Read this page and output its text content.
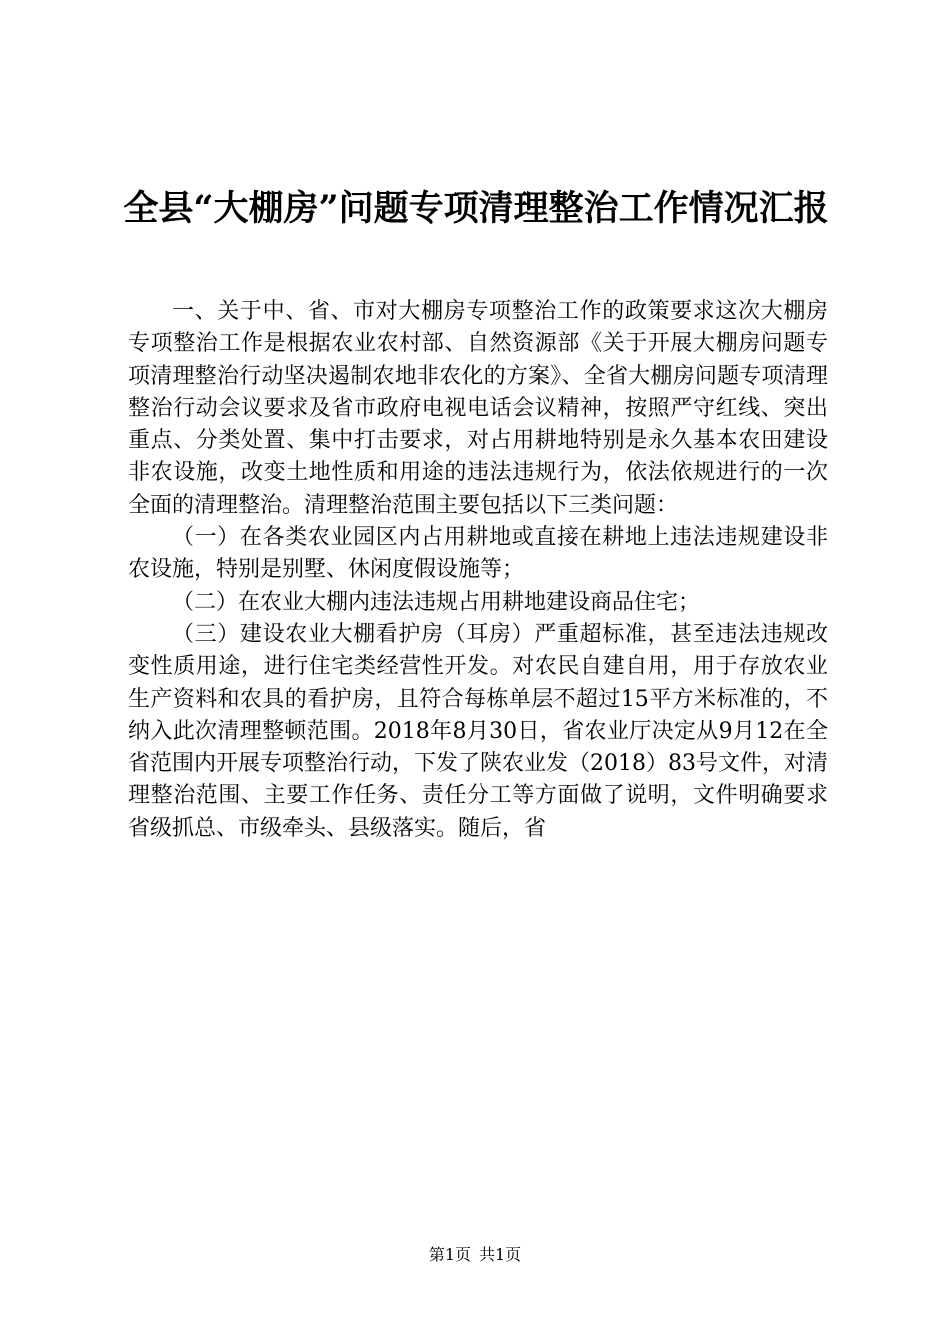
全县“大棚房”问题专项清理整治工作情况汇报

一、关于中、省、市对大棚房专项整治工作的政策要求这次大棚房专项整治工作是根据农业农村部、自然资源部《关于开展大棚房问题专项清理整治行动坚决遏制农地非农化的方案》、全省大棚房问题专项清理整治行动会议要求及省市政府电视电话会议精神，按照严守红线、突出重点、分类处置、集中打击要求，对占用耕地特别是永久基本农田建设非农设施，改变土地性质和用途的违法违规行为，依法依规进行的一次全面的清理整治。清理整治范围主要包括以下三类问题：

（一）在各类农业园区内占用耕地或直接在耕地上违法违规建设非农设施，特别是别墅、休闲度假设施等；

（二）在农业大棚内违法违规占用耕地建设商品住宅；

（三）建设农业大棚看护房（耳房）严重超标准，甚至违法违规改变性质用途，进行住宅类经营性开发。对农民自建自用，用于存放农业生产资料和农具的看护房，且符合每栋单层不超过15平方米标准的，不纳入此次清理整顿范围。2018年8月30日，省农业厅决定从9月12在全省范围内开展专项整治行动，下发了陕农业发（2018）83号文件，对清理整治范围、主要工作任务、责任分工等方面做了说明，文件明确要求省级抓总、市级牵头、县级落实。随后，省

第1页 共1页
